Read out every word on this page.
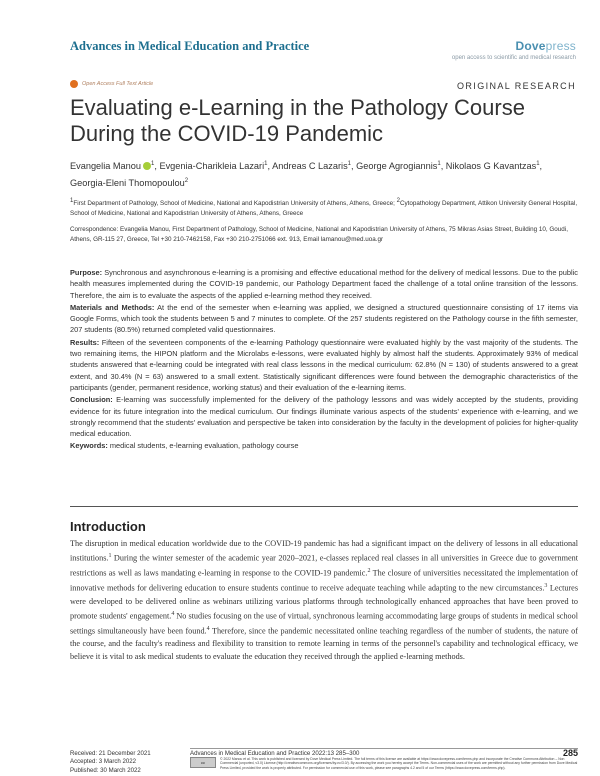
Advances in Medical Education and Practice	Dovepress
open access to scientific and medical research
Open Access Full Text Article	ORIGINAL RESEARCH
Evaluating e-Learning in the Pathology Course During the COVID-19 Pandemic
Evangelia Manou $^1$, Evgenia-Charikleia Lazari$^1$, Andreas C Lazaris$^1$, George Agrogiannis$^1$, Nikolaos G Kavantzas$^1$, Georgia-Eleni Thomopoulou$^2$
$^1$First Department of Pathology, School of Medicine, National and Kapodistrian University of Athens, Athens, Greece; $^2$Cytopathology Department, Attikon University General Hospital, School of Medicine, National and Kapodistrian University of Athens, Athens, Greece
Correspondence: Evangelia Manou, First Department of Pathology, School of Medicine, National and Kapodistrian University of Athens, 75 Mikras Asias Street, Building 10, Goudi, Athens, GR-115 27, Greece, Tel +30 210-7462158, Fax +30 210-2751066 ext. 913, Email lamanou@med.uoa.gr

Purpose: Synchronous and asynchronous e-learning is a promising and effective educational method for the delivery of medical lessons. Due to the public health measures implemented during the COVID-19 pandemic, our Pathology Department faced the challenge of a total online transition of the lessons. Therefore, the aim is to evaluate the aspects of the applied e-learning method they received.

Materials and Methods: At the end of the semester when e-learning was applied, we designed a structured questionnaire consisting of 17 items via Google Forms, which took the students between 5 and 7 minutes to complete. Of the 257 students registered on the Pathology course in the fifth semester, 207 students (80.5%) returned completed valid questionnaires.

Results: Fifteen of the seventeen components of the e-learning Pathology questionnaire were evaluated highly by the vast majority of the students. The two remaining items, the HIPON platform and the Microlabs e-lessons, were evaluated highly by almost half the students. Approximately 93% of medical students answered that e-learning could be integrated with real class lessons in the medical curriculum: 62.8% (N = 130) of students answered to a great extent, and 30.4% (N = 63) answered to a small extent. Statistically significant differences were found between the demographic characteristics of the participants (gender, permanent residence, working status) and their evaluation of the e-learning items.

Conclusion: E-learning was successfully implemented for the delivery of the pathology lessons and was widely accepted by the students, providing evidence for its future integration into the medical curriculum. Our findings illuminate various aspects of the students' experience with e-learning, and we strongly recommend that the students' evaluation and perspective be taken into consideration by the faculty in the development of policies for higher-quality medical education.

Keywords: medical students, e-learning evaluation, pathology course

Introduction
The disruption in medical education worldwide due to the COVID-19 pandemic has had a significant impact on the delivery of lessons in all educational institutions.$^1$ During the winter semester of the academic year 2020–2021, e-classes replaced real classes in all universities in Greece due to government restrictions as well as laws mandating e-learning in response to the COVID-19 pandemic.$^2$ The closure of universities necessitated the implementation of innovative methods for delivering education to ensure students continue to receive adequate teaching while adapting to the new circumstances.$^3$ Lectures were developed to be delivered online as webinars utilizing various platforms through technologically enhanced approaches that have been proved to promote students' engagement.$^4$ No studies focusing on the use of virtual, synchronous learning accommodating large groups of students in medical school settings simultaneously have been found.$^4$ Therefore, since the pandemic necessitated online teaching regardless of the number of students, the nature of the course, and the faculty's readiness and flexibility to transition to remote learning in terms of the personnel's capability and technological efficacy, we believe it is vital to ask medical students to evaluate the education they received through the applied e-learning methods.
Received: 21 December 2021
Accepted: 3 March 2022
Published: 30 March 2022
Advances in Medical Education and Practice 2022:13 285–300	285
cc
© 2022 Manou et al. This work is published and licensed by Dove Medical Press Limited. The full terms of this license are available at https://www.dovepress.com/terms.php and incorporate the Creative Commons Attribution – Non Commercial (unported, v3.0) License (http://creativecommons.org/licenses/by-nc/3.0/). By accessing the work you hereby accept the Terms. Non-commercial uses of the work are permitted without any further permission from Dove Medical Press Limited, provided the work is properly attributed. For permission for commercial use of this work, please see paragraphs 4.2 and 5 of our Terms (https://www.dovepress.com/terms.php).
